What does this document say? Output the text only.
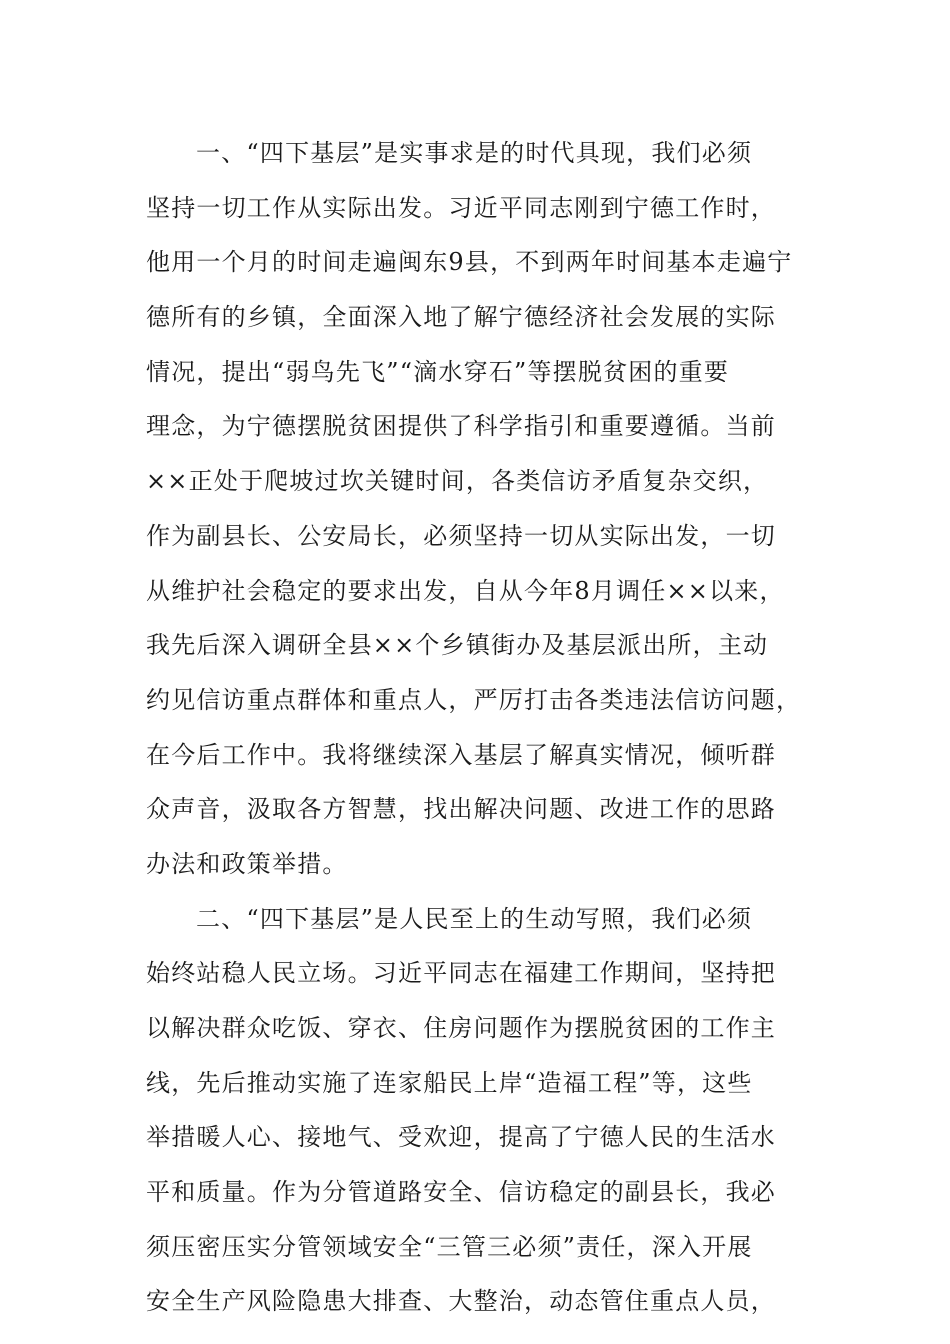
一、“四下基层”是实事求是的时代具现，我们必须
坚持一切工作从实际出发。习近平同志刚到宁德工作时，
他用一个月的时间走遍闽东9县，不到两年时间基本走遍宁
德所有的乡镇，全面深入地了解宁德经济社会发展的实际
情况，提出“弱鸟先飞”“滴水穿石”等摆脱贫困的重要
理念，为宁德摆脱贫困提供了科学指引和重要遵循。当前
××正处于爬坡过坎关键时间，各类信访矛盾复杂交织，
作为副县长、公安局长，必须坚持一切从实际出发，一切
从维护社会稳定的要求出发，自从今年8月调任××以来，
我先后深入调研全县××个乡镇街办及基层派出所，主动
约见信访重点群体和重点人，严厉打击各类违法信访问题，
在今后工作中。我将继续深入基层了解真实情况，倾听群
众声音，汲取各方智慧，找出解决问题、改进工作的思路
办法和政策举措。
二、“四下基层”是人民至上的生动写照，我们必须
始终站稳人民立场。习近平同志在福建工作期间，坚持把
以解决群众吃饭、穿衣、住房问题作为摆脱贫困的工作主
线，先后推动实施了连家船民上岸“造福工程”等，这些
举措暖人心、接地气、受欢迎，提高了宁德人民的生活水
平和质量。作为分管道路安全、信访稳定的副县长，我必
须压密压实分管领域安全“三管三必须”责任，深入开展
安全生产风险隐患大排查、大整治，动态管住重点人员，
